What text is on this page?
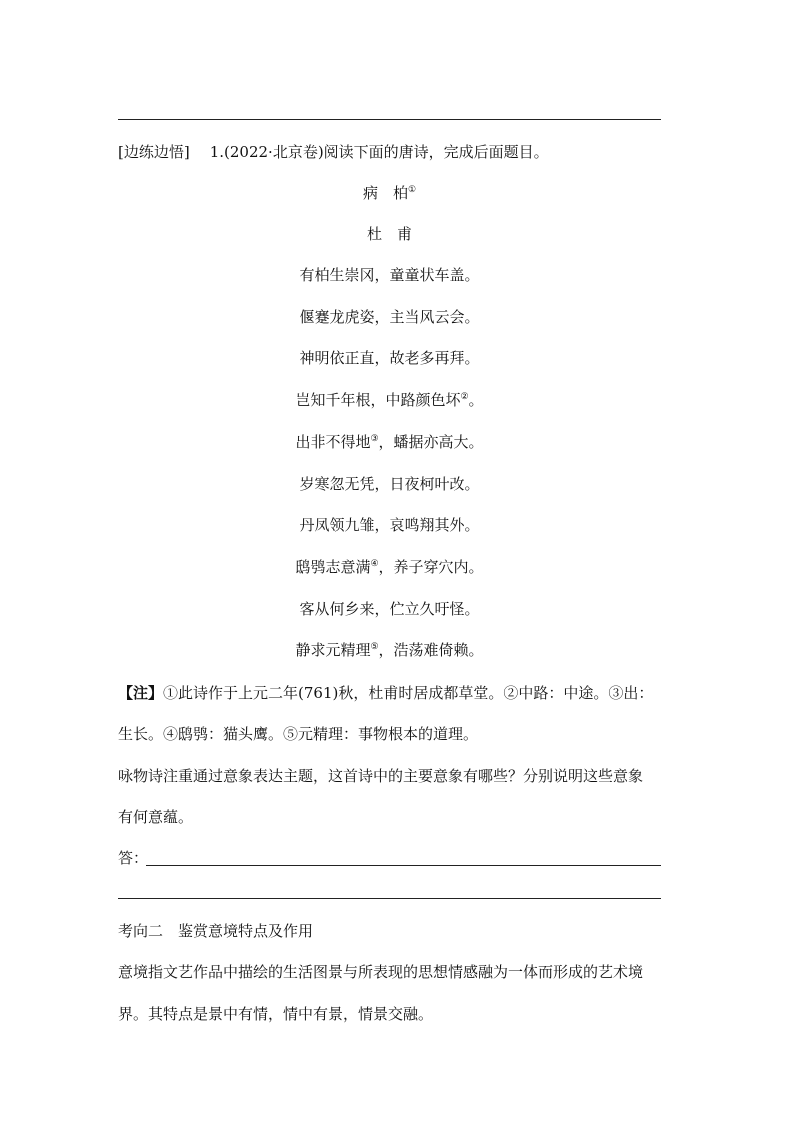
[边练边悟] 1.(2022·北京卷)阅读下面的唐诗，完成后面题目。
病　柏①
杜　甫
有柏生崇冈，童童状车盖。
偃蹇龙虎姿，主当风云会。
神明依正直，故老多再拜。
岂知千年根，中路颜色坏②。
出非不得地③，蟠据亦高大。
岁寒忽无凭，日夜柯叶改。
丹凤领九雏，哀鸣翔其外。
鸱鸮志意满④，养子穿穴内。
客从何乡来，伫立久吁怪。
静求元精理⑤，浩荡难倚赖。
【注】①此诗作于上元二年(761)秋，杜甫时居成都草堂。②中路：中途。③出：
生长。④鸱鸮：猫头鹰。⑤元精理：事物根本的道理。
咏物诗注重通过意象表达主题，这首诗中的主要意象有哪些？分别说明这些意象
有何意蕴。
答：
考向二　鉴赏意境特点及作用
意境指文艺作品中描绘的生活图景与所表现的思想情感融为一体而形成的艺术境
界。其特点是景中有情，情中有景，情景交融。
